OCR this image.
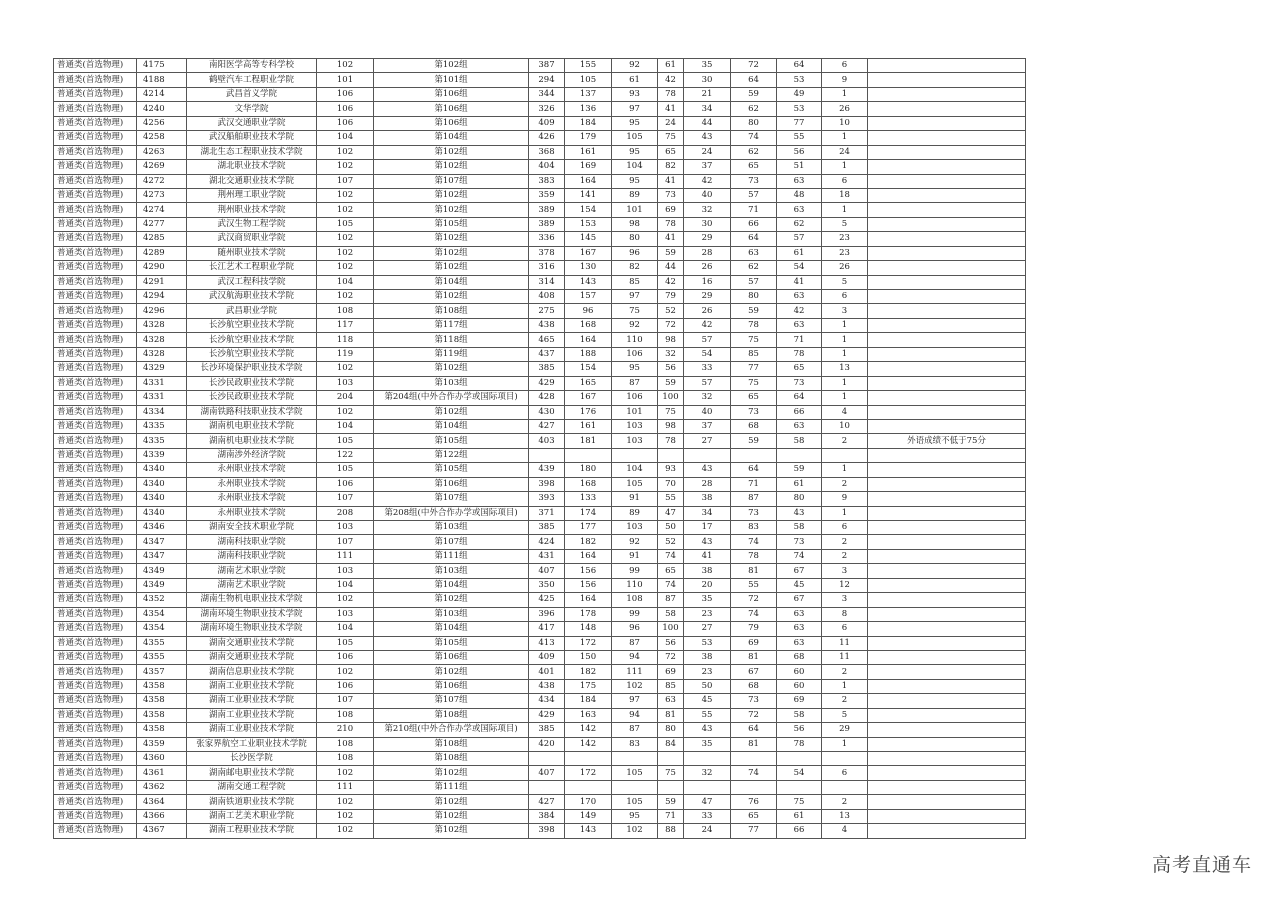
普通类(首选物理)	4175	南阳医学高等专科学校	102	第102组	387	155	92	61	35	72	64	6	
普通类(首选物理)	4188	鹤壁汽车工程职业学院	101	第101组	294	105	61	42	30	64	53	9	
普通类(首选物理)	4214	武昌首义学院	106	第106组	344	137	93	78	21	59	49	1	
普通类(首选物理)	4240	文华学院	106	第106组	326	136	97	41	34	62	53	26	
普通类(首选物理)	4256	武汉交通职业学院	106	第106组	409	184	95	24	44	80	77	10	
普通类(首选物理)	4258	武汉船舶职业技术学院	104	第104组	426	179	105	75	43	74	55	1	
普通类(首选物理)	4263	湖北生态工程职业技术学院	102	第102组	368	161	95	65	24	62	56	24	
普通类(首选物理)	4269	湖北职业技术学院	102	第102组	404	169	104	82	37	65	51	1	
普通类(首选物理)	4272	湖北交通职业技术学院	107	第107组	383	164	95	41	42	73	63	6	
普通类(首选物理)	4273	荆州理工职业学院	102	第102组	359	141	89	73	40	57	48	18	
普通类(首选物理)	4274	荆州职业技术学院	102	第102组	389	154	101	69	32	71	63	1	
普通类(首选物理)	4277	武汉生物工程学院	105	第105组	389	153	98	78	30	66	62	5	
普通类(首选物理)	4285	武汉商贸职业学院	102	第102组	336	145	80	41	29	64	57	23	
普通类(首选物理)	4289	随州职业技术学院	102	第102组	378	167	96	59	28	63	61	23	
普通类(首选物理)	4290	长江艺术工程职业学院	102	第102组	316	130	82	44	26	62	54	26	
普通类(首选物理)	4291	武汉工程科技学院	104	第104组	314	143	85	42	16	57	41	5	
普通类(首选物理)	4294	武汉航海职业技术学院	102	第102组	408	157	97	79	29	80	63	6	
普通类(首选物理)	4296	武昌职业学院	108	第108组	275	96	75	52	26	59	42	3	
普通类(首选物理)	4328	长沙航空职业技术学院	117	第117组	438	168	92	72	42	78	63	1	
普通类(首选物理)	4328	长沙航空职业技术学院	118	第118组	465	164	110	98	57	75	71	1	
普通类(首选物理)	4328	长沙航空职业技术学院	119	第119组	437	188	106	32	54	85	78	1	
普通类(首选物理)	4329	长沙环境保护职业技术学院	102	第102组	385	154	95	56	33	77	65	13	
普通类(首选物理)	4331	长沙民政职业技术学院	103	第103组	429	165	87	59	57	75	73	1	
普通类(首选物理)	4331	长沙民政职业技术学院	204	第204组(中外合作办学或国际项目)	428	167	106	100	32	65	64	1	
普通类(首选物理)	4334	湖南铁路科技职业技术学院	102	第102组	430	176	101	75	40	73	66	4	
普通类(首选物理)	4335	湖南机电职业技术学院	104	第104组	427	161	103	98	37	68	63	10	
普通类(首选物理)	4335	湖南机电职业技术学院	105	第105组	403	181	103	78	27	59	58	2	外语成绩不低于75分
普通类(首选物理)	4339	湖南涉外经济学院	122	第122组									
普通类(首选物理)	4340	永州职业技术学院	105	第105组	439	180	104	93	43	64	59	1	
普通类(首选物理)	4340	永州职业技术学院	106	第106组	398	168	105	70	28	71	61	2	
普通类(首选物理)	4340	永州职业技术学院	107	第107组	393	133	91	55	38	87	80	9	
普通类(首选物理)	4340	永州职业技术学院	208	第208组(中外合作办学或国际项目)	371	174	89	47	34	73	43	1	
普通类(首选物理)	4346	湖南安全技术职业学院	103	第103组	385	177	103	50	17	83	58	6	
普通类(首选物理)	4347	湖南科技职业学院	107	第107组	424	182	92	52	43	74	73	2	
普通类(首选物理)	4347	湖南科技职业学院	111	第111组	431	164	91	74	41	78	74	2	
普通类(首选物理)	4349	湖南艺术职业学院	103	第103组	407	156	99	65	38	81	67	3	
普通类(首选物理)	4349	湖南艺术职业学院	104	第104组	350	156	110	74	20	55	45	12	
普通类(首选物理)	4352	湖南生物机电职业技术学院	102	第102组	425	164	108	87	35	72	67	3	
普通类(首选物理)	4354	湖南环境生物职业技术学院	103	第103组	396	178	99	58	23	74	63	8	
普通类(首选物理)	4354	湖南环境生物职业技术学院	104	第104组	417	148	96	100	27	79	63	6	
普通类(首选物理)	4355	湖南交通职业技术学院	105	第105组	413	172	87	56	53	69	63	11	
普通类(首选物理)	4355	湖南交通职业技术学院	106	第106组	409	150	94	72	38	81	68	11	
普通类(首选物理)	4357	湖南信息职业技术学院	102	第102组	401	182	111	69	23	67	60	2	
普通类(首选物理)	4358	湖南工业职业技术学院	106	第106组	438	175	102	85	50	68	60	1	
普通类(首选物理)	4358	湖南工业职业技术学院	107	第107组	434	184	97	63	45	73	69	2	
普通类(首选物理)	4358	湖南工业职业技术学院	108	第108组	429	163	94	81	55	72	58	5	
普通类(首选物理)	4358	湖南工业职业技术学院	210	第210组(中外合作办学或国际项目)	385	142	87	80	43	64	56	29	
普通类(首选物理)	4359	张家界航空工业职业技术学院	108	第108组	420	142	83	84	35	81	78	1	
普通类(首选物理)	4360	长沙医学院	108	第108组									
普通类(首选物理)	4361	湖南邮电职业技术学院	102	第102组	407	172	105	75	32	74	54	6	
普通类(首选物理)	4362	湖南交通工程学院	111	第111组									
普通类(首选物理)	4364	湖南铁道职业技术学院	102	第102组	427	170	105	59	47	76	75	2	
普通类(首选物理)	4366	湖南工艺美术职业学院	102	第102组	384	149	95	71	33	65	61	13	
普通类(首选物理)	4367	湖南工程职业技术学院	102	第102组	398	143	102	88	24	77	66	4	
高考直通车
